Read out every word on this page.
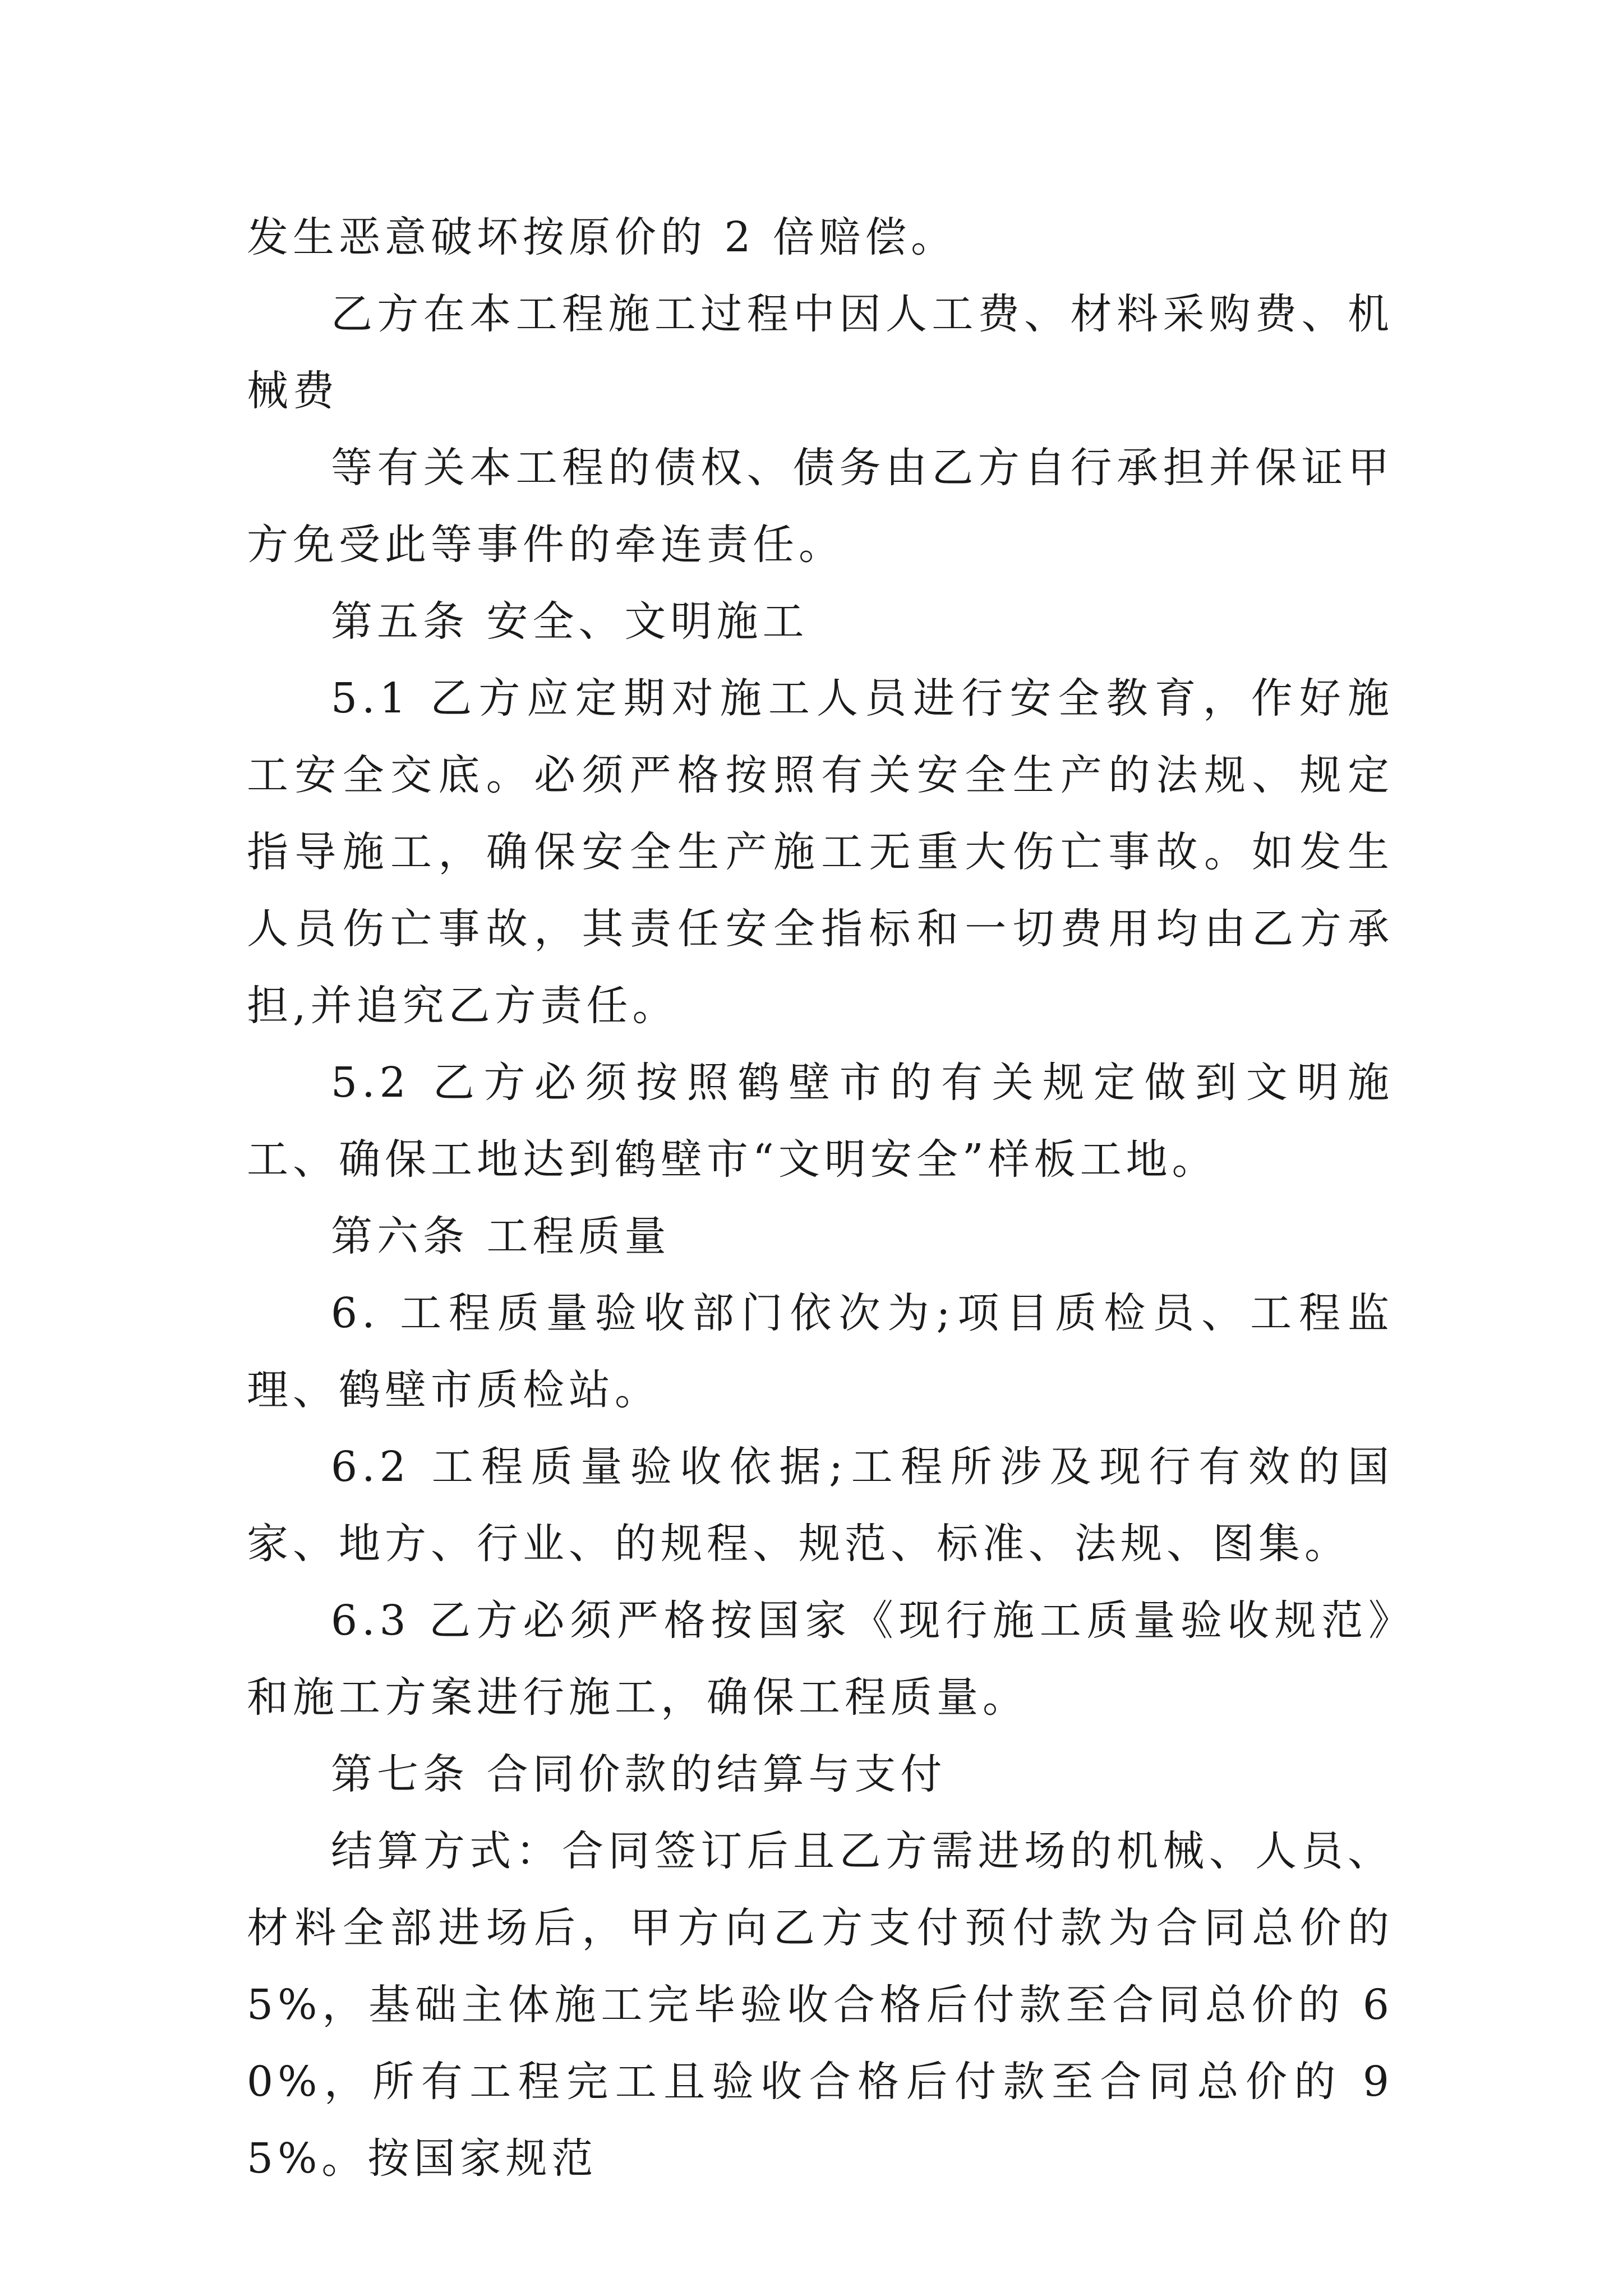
发生恶意破坏按原价的 2 倍赔偿。

乙方在本工程施工过程中因人工费、材料采购费、机械费

等有关本工程的债权、债务由乙方自行承担并保证甲方免受此等事件的牵连责任。

第五条 安全、文明施工

5.1 乙方应定期对施工人员进行安全教育，作好施工安全交底。必须严格按照有关安全生产的法规、规定指导施工，确保安全生产施工无重大伤亡事故。如发生人员伤亡事故，其责任安全指标和一切费用均由乙方承担,并追究乙方责任。

5.2 乙方必须按照鹤壁市的有关规定做到文明施工、确保工地达到鹤壁市“文明安全”样板工地。

第六条 工程质量

6. 工程质量验收部门依次为;项目质检员、工程监理、鹤壁市质检站。

6.2 工程质量验收依据;工程所涉及现行有效的国家、地方、行业、的规程、规范、标准、法规、图集。

6.3 乙方必须严格按国家《现行施工质量验收规范》和施工方案进行施工，确保工程质量。

第七条 合同价款的结算与支付

结算方式：合同签订后且乙方需进场的机械、人员、材料全部进场后，甲方向乙方支付预付款为合同总价的 5%，基础主体施工完毕验收合格后付款至合同总价的 60%，所有工程完工且验收合格后付款至合同总价的 95%。按国家规范
